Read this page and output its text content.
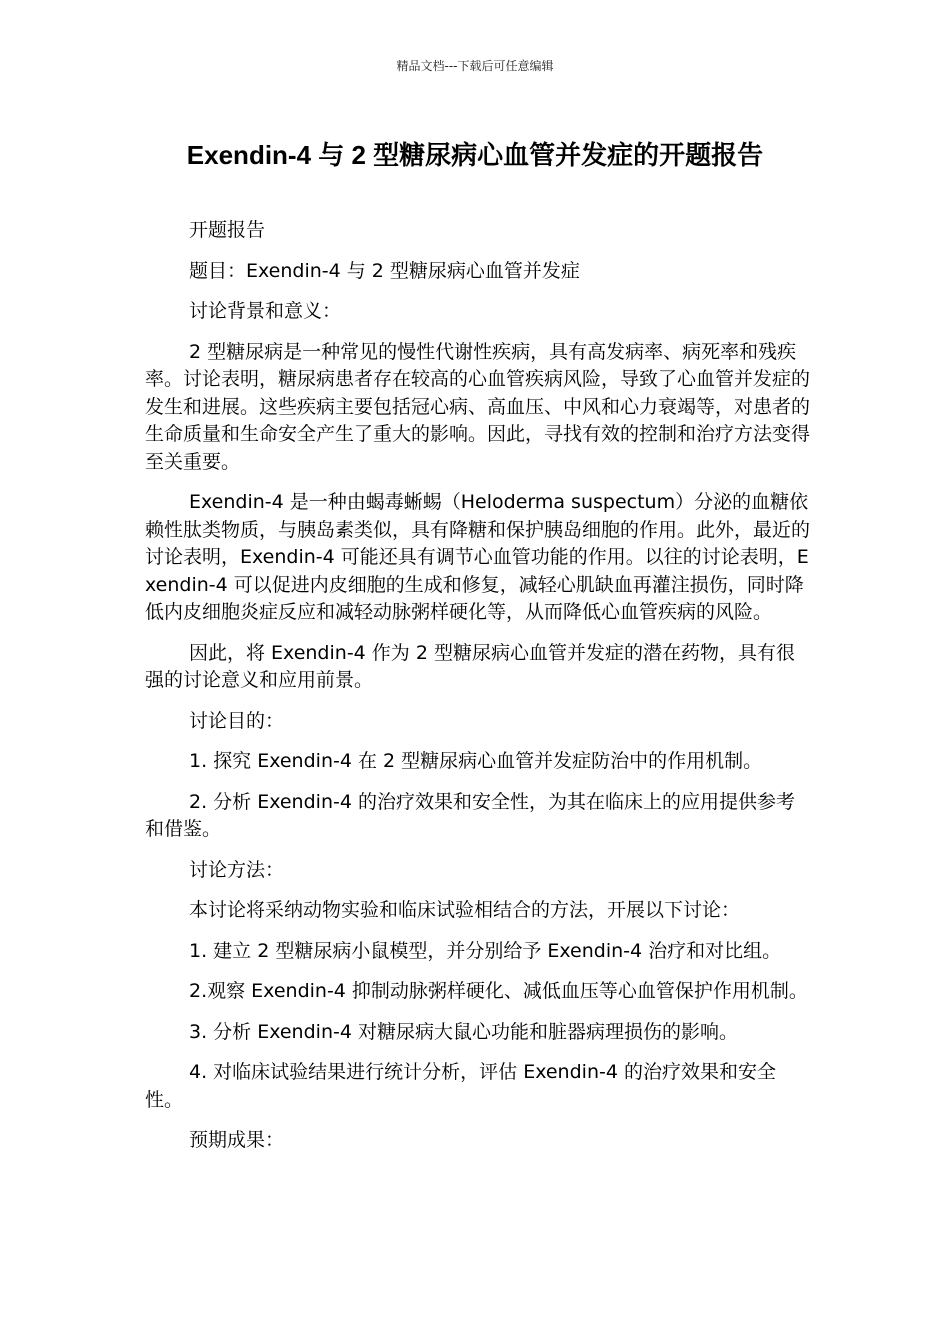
精品文档---下载后可任意编辑
Exendin-4 与 2 型糖尿病心血管并发症的开题报告

开题报告

题目：Exendin-4 与 2 型糖尿病心血管并发症

讨论背景和意义：

2 型糖尿病是一种常见的慢性代谢性疾病，具有高发病率、病死率和残疾率。讨论表明，糖尿病患者存在较高的心血管疾病风险，导致了心血管并发症的发生和进展。这些疾病主要包括冠心病、高血压、中风和心力衰竭等，对患者的生命质量和生命安全产生了重大的影响。因此，寻找有效的控制和治疗方法变得至关重要。

Exendin-4 是一种由蝎毒蜥蜴（Heloderma suspectum）分泌的血糖依赖性肽类物质，与胰岛素类似，具有降糖和保护胰岛细胞的作用。此外，最近的讨论表明，Exendin-4 可能还具有调节心血管功能的作用。以往的讨论表明，Exendin-4 可以促进内皮细胞的生成和修复，减轻心肌缺血再灌注损伤，同时降低内皮细胞炎症反应和减轻动脉粥样硬化等，从而降低心血管疾病的风险。

因此，将 Exendin-4 作为 2 型糖尿病心血管并发症的潜在药物，具有很强的讨论意义和应用前景。

讨论目的：

1. 探究 Exendin-4 在 2 型糖尿病心血管并发症防治中的作用机制。

2. 分析 Exendin-4 的治疗效果和安全性，为其在临床上的应用提供参考和借鉴。

讨论方法：

本讨论将采纳动物实验和临床试验相结合的方法，开展以下讨论：

1. 建立 2 型糖尿病小鼠模型，并分别给予 Exendin-4 治疗和对比组。

2.观察 Exendin-4 抑制动脉粥样硬化、减低血压等心血管保护作用机制。

3. 分析 Exendin-4 对糖尿病大鼠心功能和脏器病理损伤的影响。

4. 对临床试验结果进行统计分析，评估 Exendin-4 的治疗效果和安全性。

预期成果：
